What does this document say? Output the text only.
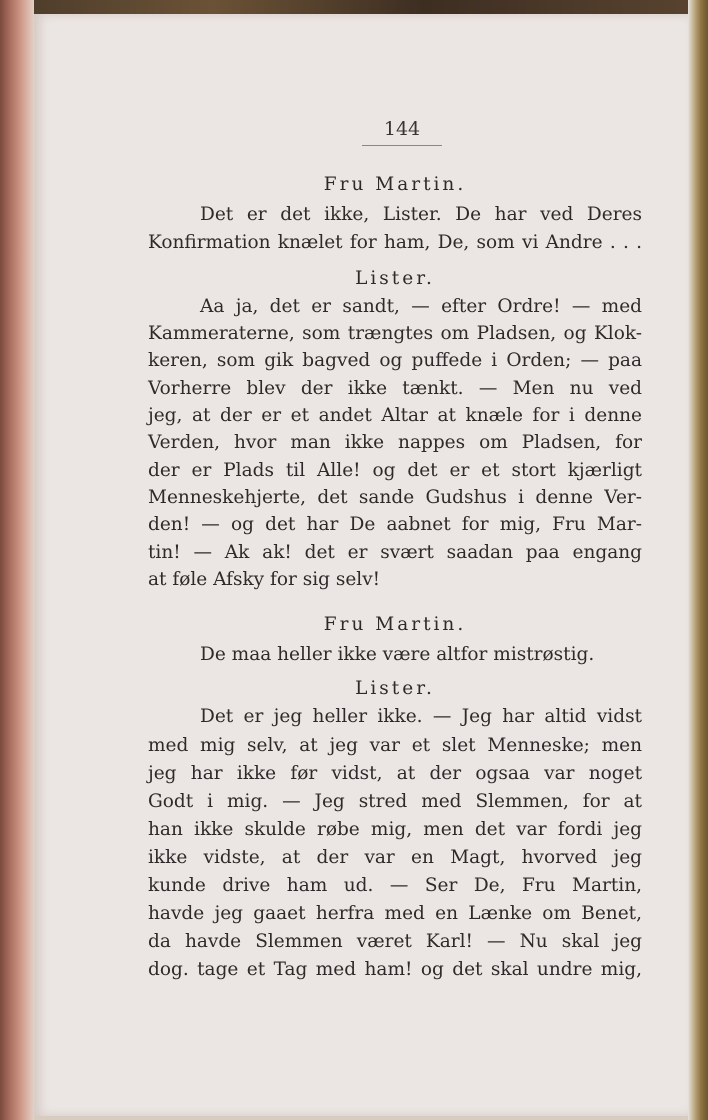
144
Fru Martin.
Det er det ikke, Lister. De har ved Deres
Konfirmation knælet for ham, De, som vi Andre . . .
Lister.
Aa ja, det er sandt, — efter Ordre! — med
Kammeraterne, som trængtes om Pladsen, og Klok-
keren, som gik bagved og puffede i Orden; — paa
Vorherre blev der ikke tænkt. — Men nu ved
jeg, at der er et andet Altar at knæle for i denne
Verden, hvor man ikke nappes om Pladsen, for
der er Plads til Alle! og det er et stort kjærligt
Menneskehjerte, det sande Gudshus i denne Ver-
den! — og det har De aabnet for mig, Fru Mar-
tin! — Ak ak! det er svært saadan paa engang
at føle Afsky for sig selv!
Fru Martin.
De maa heller ikke være altfor mistrøstig.
Lister.
Det er jeg heller ikke. — Jeg har altid vidst
med mig selv, at jeg var et slet Menneske; men
jeg har ikke før vidst, at der ogsaa var noget
Godt i mig. — Jeg stred med Slemmen, for at
han ikke skulde røbe mig, men det var fordi jeg
ikke vidste, at der var en Magt, hvorved jeg
kunde drive ham ud. — Ser De, Fru Martin,
havde jeg gaaet herfra med en Lænke om Benet,
da havde Slemmen været Karl! — Nu skal jeg
dog. tage et Tag med ham! og det skal undre mig,
